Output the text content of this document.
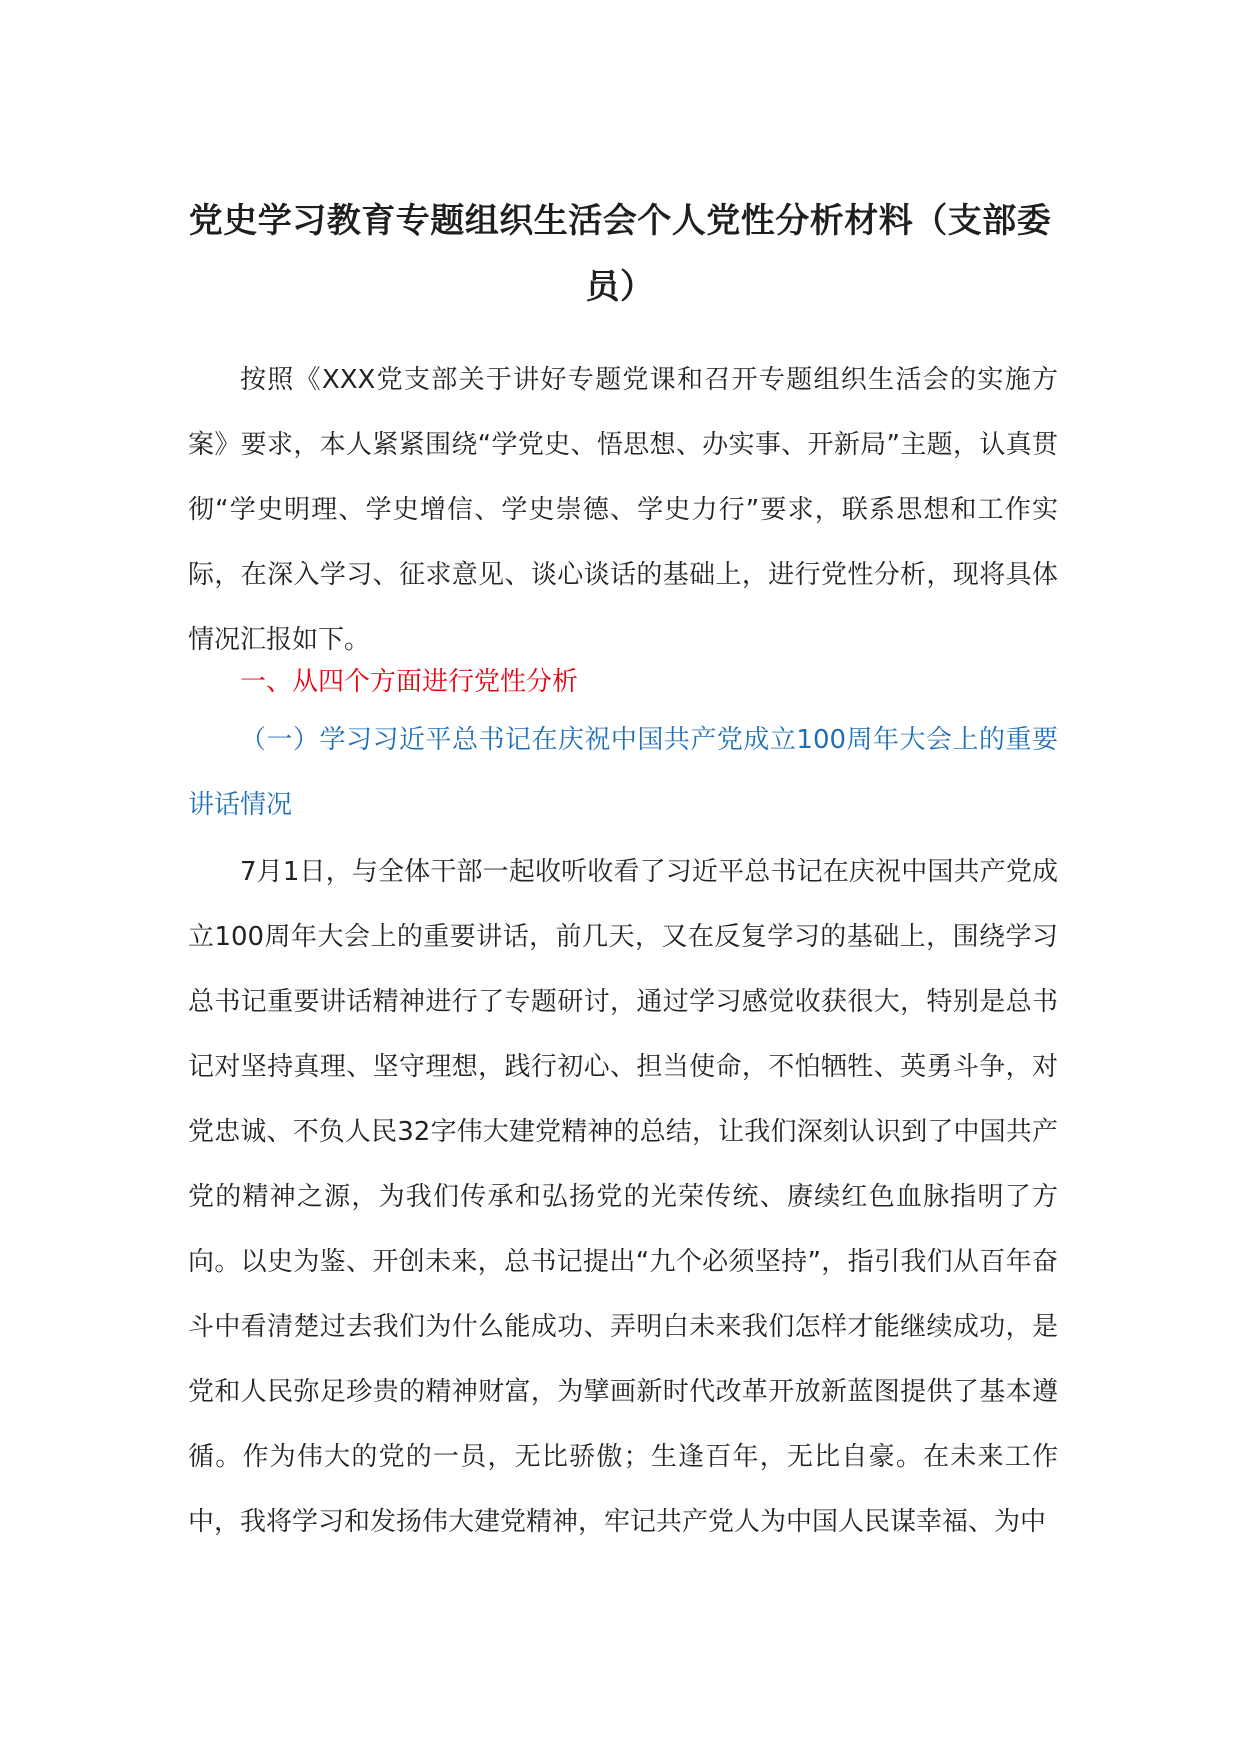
党史学习教育专题组织生活会个人党性分析材料（支部委员）

按照《XXX党支部关于讲好专题党课和召开专题组织生活会的实施方案》要求，本人紧紧围绕“学党史、悟思想、办实事、开新局”主题，认真贯彻“学史明理、学史增信、学史崇德、学史力行”要求，联系思想和工作实际，在深入学习、征求意见、谈心谈话的基础上，进行党性分析，现将具体情况汇报如下。

一、从四个方面进行党性分析

（一）学习习近平总书记在庆祝中国共产党成立100周年大会上的重要讲话情况

7月1日，与全体干部一起收听收看了习近平总书记在庆祝中国共产党成立100周年大会上的重要讲话，前几天，又在反复学习的基础上，围绕学习总书记重要讲话精神进行了专题研讨，通过学习感觉收获很大，特别是总书记对坚持真理、坚守理想，践行初心、担当使命，不怕牺牲、英勇斗争，对党忠诚、不负人民32字伟大建党精神的总结，让我们深刻认识到了中国共产党的精神之源，为我们传承和弘扬党的光荣传统、赓续红色血脉指明了方向。以史为鉴、开创未来，总书记提出“九个必须坚持”，指引我们从百年奋斗中看清楚过去我们为什么能成功、弄明白未来我们怎样才能继续成功，是党和人民弥足珍贵的精神财富，为擘画新时代改革开放新蓝图提供了基本遵循。作为伟大的党的一员，无比骄傲；生逢百年，无比自豪。在未来工作中，我将学习和发扬伟大建党精神，牢记共产党人为中国人民谋幸福、为中
